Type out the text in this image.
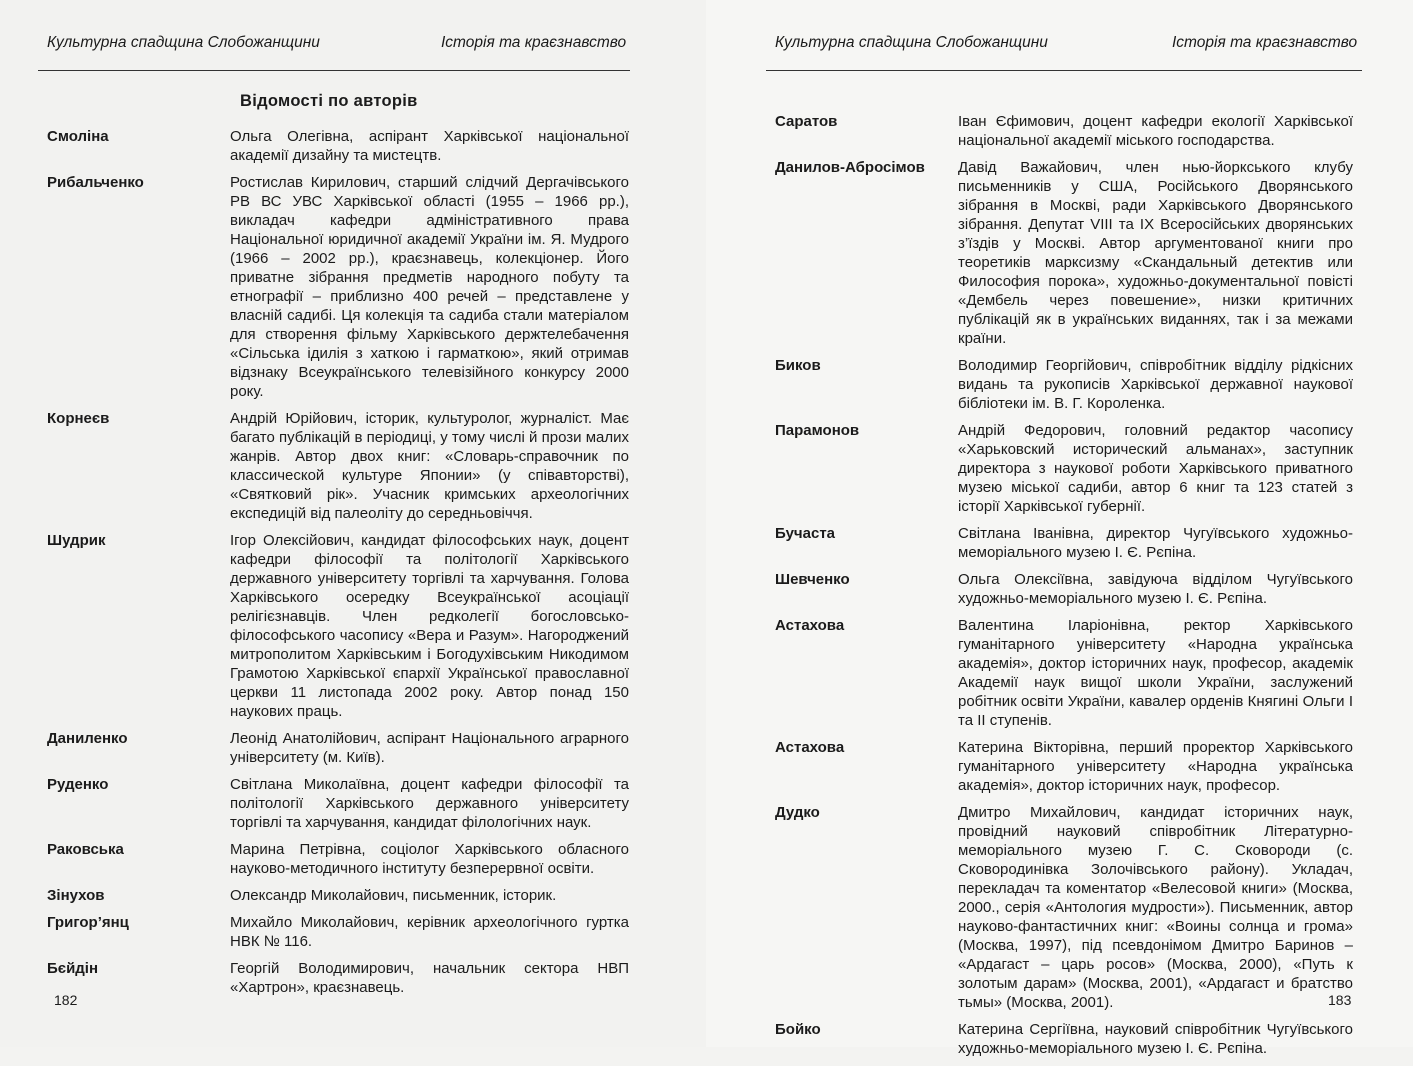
Культурна спадщина Слобожанщини	Історія та краєзнавство
Відомості по авторів
Смоліна	Ольга Олегівна, аспірант Харківської національної академії дизайну та мистецтв.
Рибальченко	Ростислав Кирилович, старший слідчий Дергачівського РВ ВС УВС Харківської області (1955 – 1966 рр.), викладач кафедри адміністративного права Національної юридичної академії України ім. Я. Мудрого (1966 – 2002 рр.), краєзнавець, колекціонер. Його приватне зібрання предметів народного побуту та етнографії – приблизно 400 речей – представлене у власній садибі. Ця колекція та садиба стали матеріалом для створення фільму Харківського держтелебачення «Сільська ідилія з хаткою і гарматкою», який отримав відзнаку Всеукраїнського телевізійного конкурсу 2000 року.
Корнеєв	Андрій Юрійович, історик, культуролог, журналіст. Має багато публікацій в періодиці, у тому числі й прози малих жанрів. Автор двох книг: «Словарь-справочник по классической культуре Японии» (у співавторстві), «Святковий рік». Учасник кримських археологічних експедицій від палеоліту до середньовіччя.
Шудрик	Ігор Олексійович, кандидат філософських наук, доцент кафедри філософії та політології Харківського державного університету торгівлі та харчування. Голова Харківського осередку Всеукраїнської асоціації релігієзнавців. Член редколегії богословсько-філософського часопису «Вера и Разум». Нагороджений митрополитом Харківським і Богодухівським Никодимом Грамотою Харківської єпархії Української православної церкви 11 листопада 2002 року. Автор понад 150 наукових праць.
Даниленко	Леонід Анатолійович, аспірант Національного аграрного університету (м. Київ).
Руденко	Світлана Миколаївна, доцент кафедри філософії та політології Харківського державного університету торгівлі та харчування, кандидат філологічних наук.
Раковська	Марина Петрівна, соціолог Харківського обласного науково-методичного інституту безперервної освіти.
Зінухов	Олександр Миколайович, письменник, історик.
Григор’янц	Михайло Миколайович, керівник археологічного гуртка НВК № 116.
Бєйдін	Георгій Володимирович, начальник сектора НВП «Хартрон», краєзнавець.
182
Культурна спадщина Слобожанщини	Історія та краєзнавство
Саратов	Іван Єфимович, доцент кафедри екології Харківської національної академії міського господарства.
Данилов-Абросімов	Давід Важайович, член нью-йоркського клубу письменників у США, Російського Дворянського зібрання в Москві, ради Харківського Дворянського зібрання. Депутат VIII та IX Всеросійських дворянських з’їздів у Москві. Автор аргументованої книги про теоретиків марксизму «Скандальный детектив или Философия порока», художньо-документальної повісті «Дембель через повешение», низки критичних публікацій як в українських виданнях, так і за межами країни.
Биков	Володимир Георгійович, співробітник відділу рідкісних видань та рукописів Харківської державної наукової бібліотеки ім. В. Г. Короленка.
Парамонов	Андрій Федорович, головний редактор часопису «Харьковский исторический альманах», заступник директора з наукової роботи Харківського приватного музею міської садиби, автор 6 книг та 123 статей з історії Харківської губернії.
Бучаста	Світлана Іванівна, директор Чугуївського художньо-меморіального музею І. Є. Рєпіна.
Шевченко	Ольга Олексіївна, завідуюча відділом Чугуївського художньо-меморіального музею І. Є. Рєпіна.
Астахова	Валентина Іларіонівна, ректор Харківського гуманітарного університету «Народна українська академія», доктор історичних наук, професор, академік Академії наук вищої школи України, заслужений робітник освіти України, кавалер орденів Княгині Ольги І та ІІ ступенів.
Астахова	Катерина Вікторівна, перший проректор Харківського гуманітарного університету «Народна українська академія», доктор історичних наук, професор.
Дудко	Дмитро Михайлович, кандидат історичних наук, провідний науковий співробітник Літературно-меморіального музею Г. С. Сковороди (с. Сковородинівка Золочівського району). Укладач, перекладач та коментатор «Велесовой книги» (Москва, 2000., серія «Антология мудрости»). Письменник, автор науково-фантастичних книг: «Воины солнца и грома» (Москва, 1997), під псевдонімом Дмитро Баринов – «Ардагаст – царь росов» (Москва, 2000), «Путь к золотым дарам» (Москва, 2001), «Ардагаст и братство тьмы» (Москва, 2001).
Бойко	Катерина Сергіївна, науковий співробітник Чугуївського художньо-меморіального музею І. Є. Рєпіна.
183
